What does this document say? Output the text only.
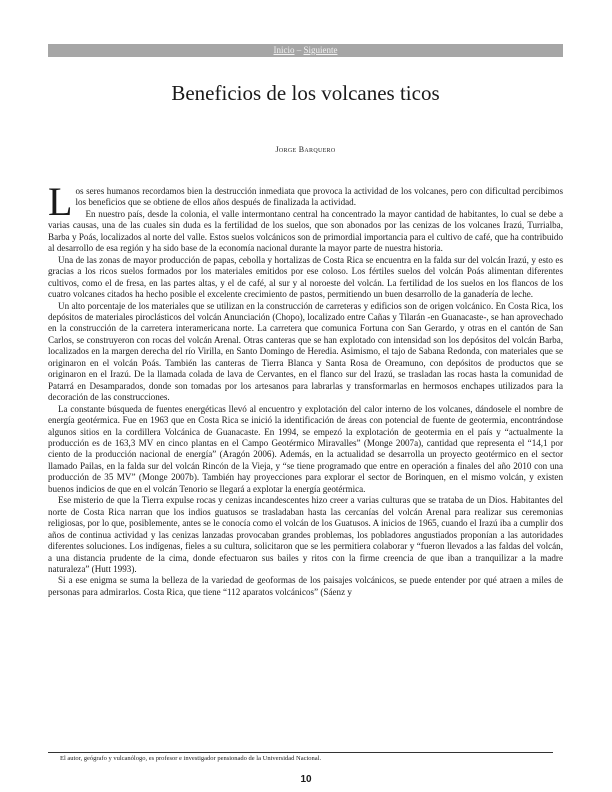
Inicio – Siguiente
Beneficios de los volcanes ticos
Jorge Barquero

Los seres humanos recordamos bien la destrucción inmediata que provoca la actividad de los volcanes, pero con dificultad percibimos los beneficios que se obtiene de ellos años después de finalizada la actividad.

En nuestro país, desde la colonia, el valle intermontano central ha concentrado la mayor cantidad de habitantes, lo cual se debe a varias causas, una de las cuales sin duda es la fertilidad de los suelos, que son abonados por las cenizas de los volcanes Irazú, Turrialba, Barba y Poás, localizados al norte del valle. Estos suelos volcánicos son de primordial importancia para el cultivo de café, que ha contribuido al desarrollo de esa región y ha sido base de la economía nacional durante la mayor parte de nuestra historia.

Una de las zonas de mayor producción de papas, cebolla y hortalizas de Costa Rica se encuentra en la falda sur del volcán Irazú, y esto es gracias a los ricos suelos formados por los materiales emitidos por ese coloso. Los fértiles suelos del volcán Poás alimentan diferentes cultivos, como el de fresa, en las partes altas, y el de café, al sur y al noroeste del volcán. La fertilidad de los suelos en los flancos de los cuatro volcanes citados ha hecho posible el excelente crecimiento de pastos, permitiendo un buen desarrollo de la ganadería de leche.

Un alto porcentaje de los materiales que se utilizan en la construcción de carreteras y edificios son de origen volcánico. En Costa Rica, los depósitos de materiales piroclásticos del volcán Anunciación (Chopo), localizado entre Cañas y Tilarán -en Guanacaste-, se han aprovechado en la construcción de la carretera interamericana norte. La carretera que comunica Fortuna con San Gerardo, y otras en el cantón de San Carlos, se construyeron con rocas del volcán Arenal. Otras canteras que se han explotado con intensidad son los depósitos del volcán Barba, localizados en la margen derecha del río Virilla, en Santo Domingo de Heredia. Asimismo, el tajo de Sabana Redonda, con materiales que se originaron en el volcán Poás. También las canteras de Tierra Blanca y Santa Rosa de Oreamuno, con depósitos de productos que se originaron en el Irazú. De la llamada colada de lava de Cervantes, en el flanco sur del Irazú, se trasladan las rocas hasta la comunidad de Patarrá en Desamparados, donde son tomadas por los artesanos para labrarlas y transformarlas en hermosos enchapes utilizados para la decoración de las construcciones.

La constante búsqueda de fuentes energéticas llevó al encuentro y explotación del calor interno de los volcanes, dándosele el nombre de energía geotérmica. Fue en 1963 que en Costa Rica se inició la identificación de áreas con potencial de fuente de geotermia, encontrándose algunos sitios en la cordillera Volcánica de Guanacaste. En 1994, se empezó la explotación de geotermia en el país y “actualmente la producción es de 163,3 MV en cinco plantas en el Campo Geotérmico Miravalles” (Monge 2007a), cantidad que representa el “14,1 por ciento de la producción nacional de energía” (Aragón 2006). Además, en la actualidad se desarrolla un proyecto geotérmico en el sector llamado Pailas, en la falda sur del volcán Rincón de la Vieja, y “se tiene programado que entre en operación a finales del año 2010 con una producción de 35 MV” (Monge 2007b). También hay proyecciones para explorar el sector de Borinquen, en el mismo volcán, y existen buenos indicios de que en el volcán Tenorio se llegará a explotar la energía geotérmica.

Ese misterio de que la Tierra expulse rocas y cenizas incandescentes hizo creer a varias culturas que se trataba de un Dios. Habitantes del norte de Costa Rica narran que los indios guatusos se trasladaban hasta las cercanías del volcán Arenal para realizar sus ceremonias religiosas, por lo que, posiblemente, antes se le conocía como el volcán de los Guatusos. A inicios de 1965, cuando el Irazú iba a cumplir dos años de continua actividad y las cenizas lanzadas provocaban grandes problemas, los pobladores angustiados proponían a las autoridades diferentes soluciones. Los indígenas, fieles a su cultura, solicitaron que se les permitiera colaborar y “fueron llevados a las faldas del volcán, a una distancia prudente de la cima, donde efectuaron sus bailes y ritos con la firme creencia de que iban a tranquilizar a la madre naturaleza” (Hutt 1993).

Si a ese enigma se suma la belleza de la variedad de geoformas de los paisajes volcánicos, se puede entender por qué atraen a miles de personas para admirarlos. Costa Rica, que tiene “112 aparatos volcánicos” (Sáenz y

El autor, geógrafo y vulcanólogo, es profesor e investigador pensionado de la Universidad Nacional.
10
